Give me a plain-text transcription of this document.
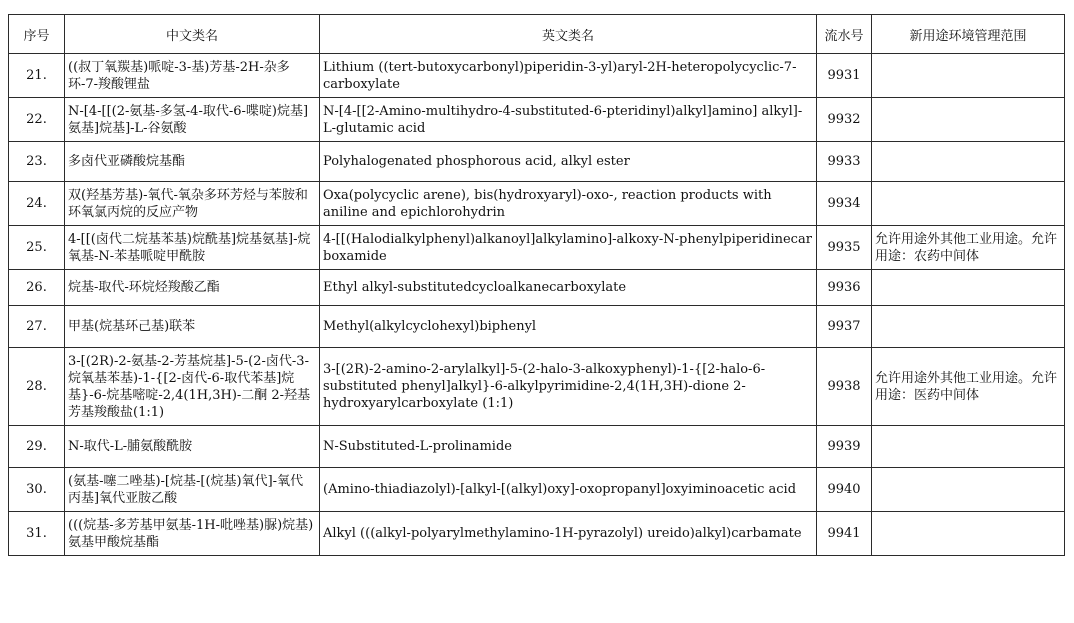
序号	中文类名	英文类名	流水号	新用途环境管理范围
21.	((叔丁氧羰基)哌啶-3-基)芳基-2H-杂多环-7-羧酸锂盐	Lithium ((tert-butoxycarbonyl)piperidin-3-yl)aryl-2H-heteropolycyclic-7-carboxylate	9931	
22.	N-[4-[[(2-氨基-多氢-4-取代-6-喋啶)烷基]氨基]烷基]-L-谷氨酸	N-[4-[[2-Amino-multihydro-4-substituted-6-pteridinyl)alkyl]amino] alkyl]-L-glutamic acid	9932	
23.	多卤代亚磷酸烷基酯	Polyhalogenated phosphorous acid, alkyl ester	9933	
24.	双(羟基芳基)-氧代-氧杂多环芳烃与苯胺和环氧氯丙烷的反应产物	Oxa(polycyclic arene), bis(hydroxyaryl)-oxo-, reaction products with aniline and epichlorohydrin	9934	
25.	4-[[(卤代二烷基苯基)烷酰基]烷基氨基]-烷氧基-N-苯基哌啶甲酰胺	4-[[(Halodialkylphenyl)alkanoyl]alkylamino]-alkoxy-N-phenylpiperidinecarboxamide	9935	允许用途外其他工业用途。允许用途：农药中间体
26.	烷基-取代-环烷烃羧酸乙酯	Ethyl alkyl-substitutedcycloalkanecarboxylate	9936	
27.	甲基(烷基环己基)联苯	Methyl(alkylcyclohexyl)biphenyl	9937	
28.	3-[(2R)-2-氨基-2-芳基烷基]-5-(2-卤代-3-烷氧基苯基)-1-{[2-卤代-6-取代苯基]烷基}-6-烷基嘧啶-2,4(1H,3H)-二酮 2-羟基芳基羧酸盐(1:1)	3-[(2R)-2-amino-2-arylalkyl]-5-(2-halo-3-alkoxyphenyl)-1-{[2-halo-6-substituted phenyl]alkyl}-6-alkylpyrimidine-2,4(1H,3H)-dione 2-hydroxyarylcarboxylate (1:1)	9938	允许用途外其他工业用途。允许用途：医药中间体
29.	N-取代-L-脯氨酸酰胺	N-Substituted-L-prolinamide	9939	
30.	(氨基-噻二唑基)-[烷基-[(烷基)氧代]-氧代丙基]氧代亚胺乙酸	(Amino-thiadiazolyl)-[alkyl-[(alkyl)oxy]-oxopropanyl]oxyiminoacetic acid	9940	
31.	(((烷基-多芳基甲氨基-1H-吡唑基)脲)烷基)氨基甲酸烷基酯	Alkyl (((alkyl-polyarylmethylamino-1H-pyrazolyl) ureido)alkyl)carbamate	9941	
